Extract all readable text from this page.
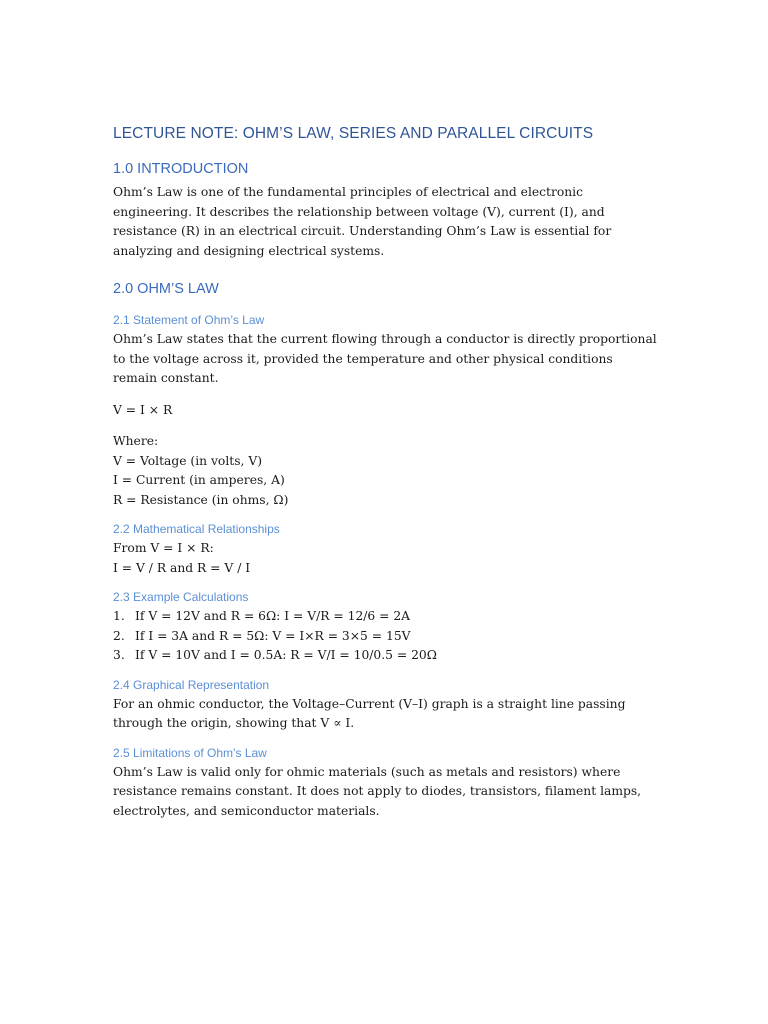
LECTURE NOTE: OHM’S LAW, SERIES AND PARALLEL CIRCUITS
1.0 INTRODUCTION

Ohm’s Law is one of the fundamental principles of electrical and electronic engineering. It describes the relationship between voltage (V), current (I), and resistance (R) in an electrical circuit. Understanding Ohm’s Law is essential for analyzing and designing electrical systems.

2.0 OHM’S LAW
2.1 Statement of Ohm’s Law

Ohm’s Law states that the current flowing through a conductor is directly proportional to the voltage across it, provided the temperature and other physical conditions remain constant.

V = I × R

Where:

V = Voltage (in volts, V)

I = Current (in amperes, A)

R = Resistance (in ohms, Ω)

2.2 Mathematical Relationships

From V = I × R:

I = V / R and R = V / I

2.3 Example Calculations
1. If V = 12V and R = 6Ω: I = V/R = 12/6 = 2A
2. If I = 3A and R = 5Ω: V = I×R = 3×5 = 15V
3. If V = 10V and I = 0.5A: R = V/I = 10/0.5 = 20Ω
2.4 Graphical Representation

For an ohmic conductor, the Voltage–Current (V–I) graph is a straight line passing through the origin, showing that V ∝ I.

2.5 Limitations of Ohm’s Law

Ohm’s Law is valid only for ohmic materials (such as metals and resistors) where resistance remains constant. It does not apply to diodes, transistors, filament lamps, electrolytes, and semiconductor materials.
